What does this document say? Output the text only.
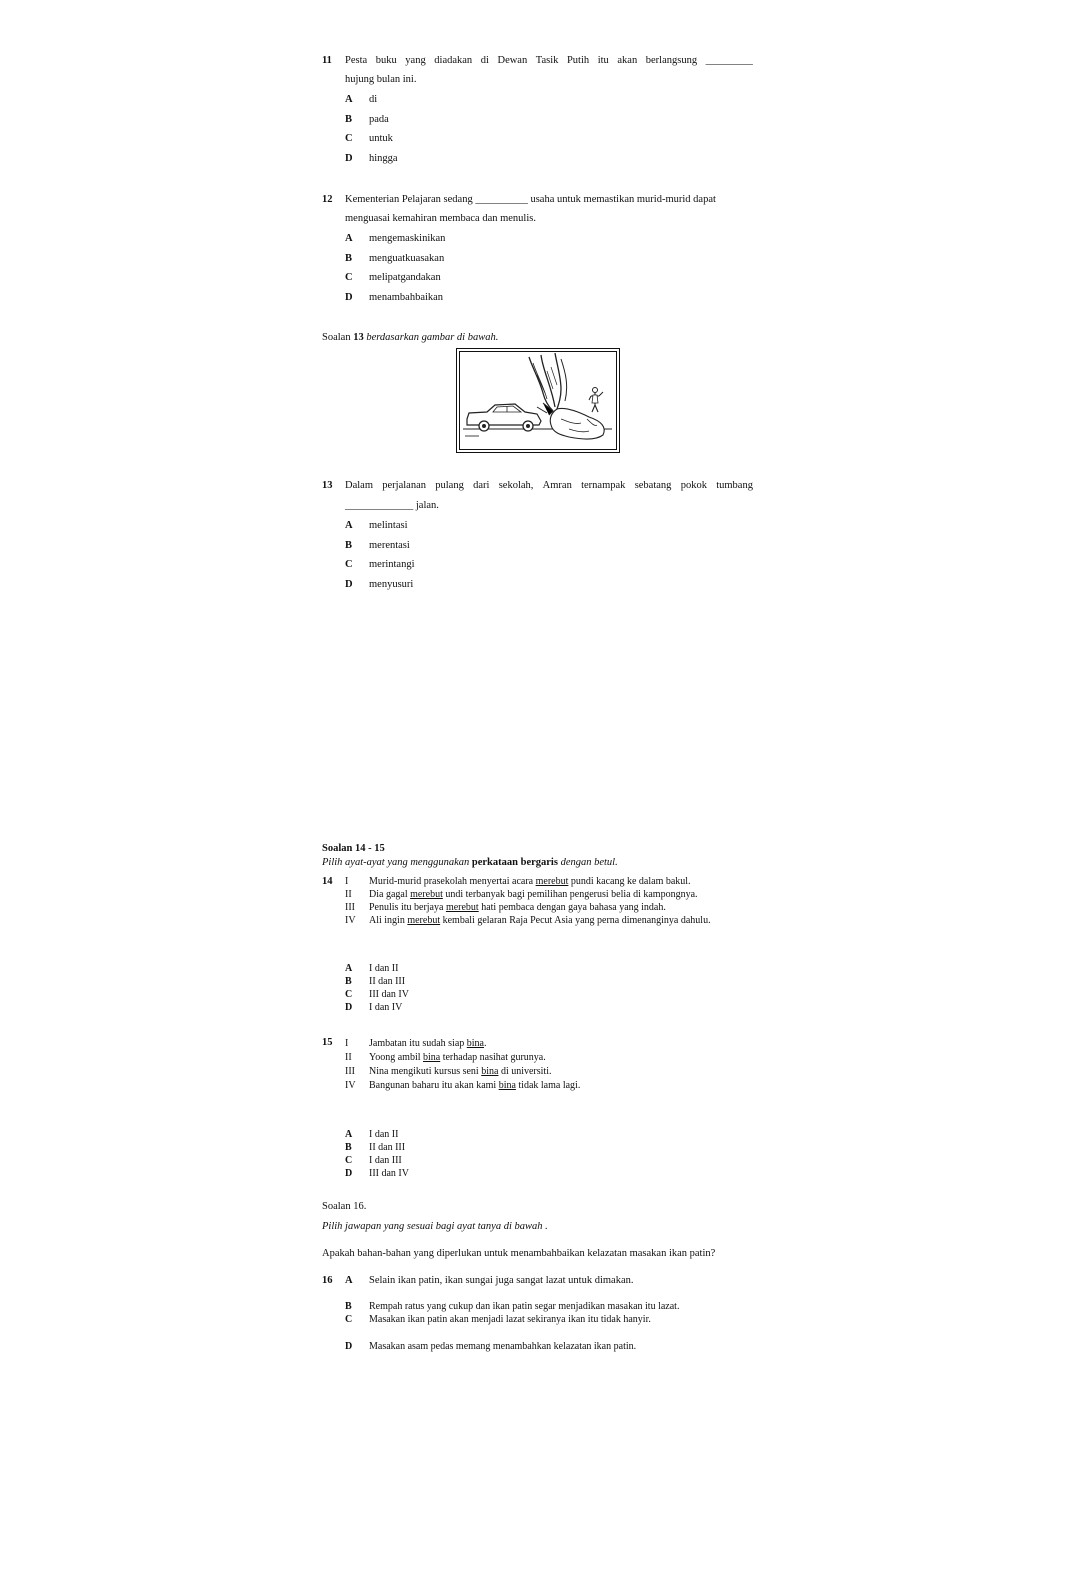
11 Pesta buku yang diadakan di Dewan Tasik Putih itu akan berlangsung _________
hujung bulan ini.
A di
B pada
C untuk
D hingga
12 Kementerian Pelajaran sedang __________ usaha untuk memastikan murid-murid dapat
menguasai kemahiran membaca dan menulis.
A mengemaskinikan
B menguatkuasakan
C melipatgandakan
D menambahbaikan
Soalan 13 berdasarkan gambar di bawah.
13 Dalam perjalanan pulang dari sekolah, Amran ternampak sebatang pokok tumbang
_____________ jalan.
A melintasi
B merentasi
C merintangi
D menyusuri
Soalan 14 - 15
Pilih ayat-ayat yang menggunakan perkataan bergaris dengan betul.
14 I Murid-murid prasekolah menyertai acara merebut pundi kacang ke dalam bakul.
II Dia gagal merebut undi terbanyak bagi pemilihan pengerusi belia di kampongnya.
III Penulis itu berjaya merebut hati pembaca dengan gaya bahasa yang indah.
IV Ali ingin merebut kembali gelaran Raja Pecut Asia yang perna dimenanginya dahulu.
A I dan II
B II dan III
C III dan IV
D I dan IV
15 I Jambatan itu sudah siap bina.
II Yoong ambil bina terhadap nasihat gurunya.
III Nina mengikuti kursus seni bina di universiti.
IV Bangunan baharu itu akan kami bina tidak lama lagi.
A I dan II
B II dan III
C I dan III
D III dan IV
Soalan 16.
Pilih jawapan yang sesuai bagi ayat tanya di bawah .
Apakah bahan-bahan yang diperlukan untuk menambahbaikan kelazatan masakan ikan patin?
16 A Selain ikan patin, ikan sungai juga sangat lazat untuk dimakan.
B Rempah ratus yang cukup dan ikan patin segar menjadikan masakan itu lazat.
C Masakan ikan patin akan menjadi lazat sekiranya ikan itu tidak hanyir.
D Masakan asam pedas memang menambahkan kelazatan ikan patin.
